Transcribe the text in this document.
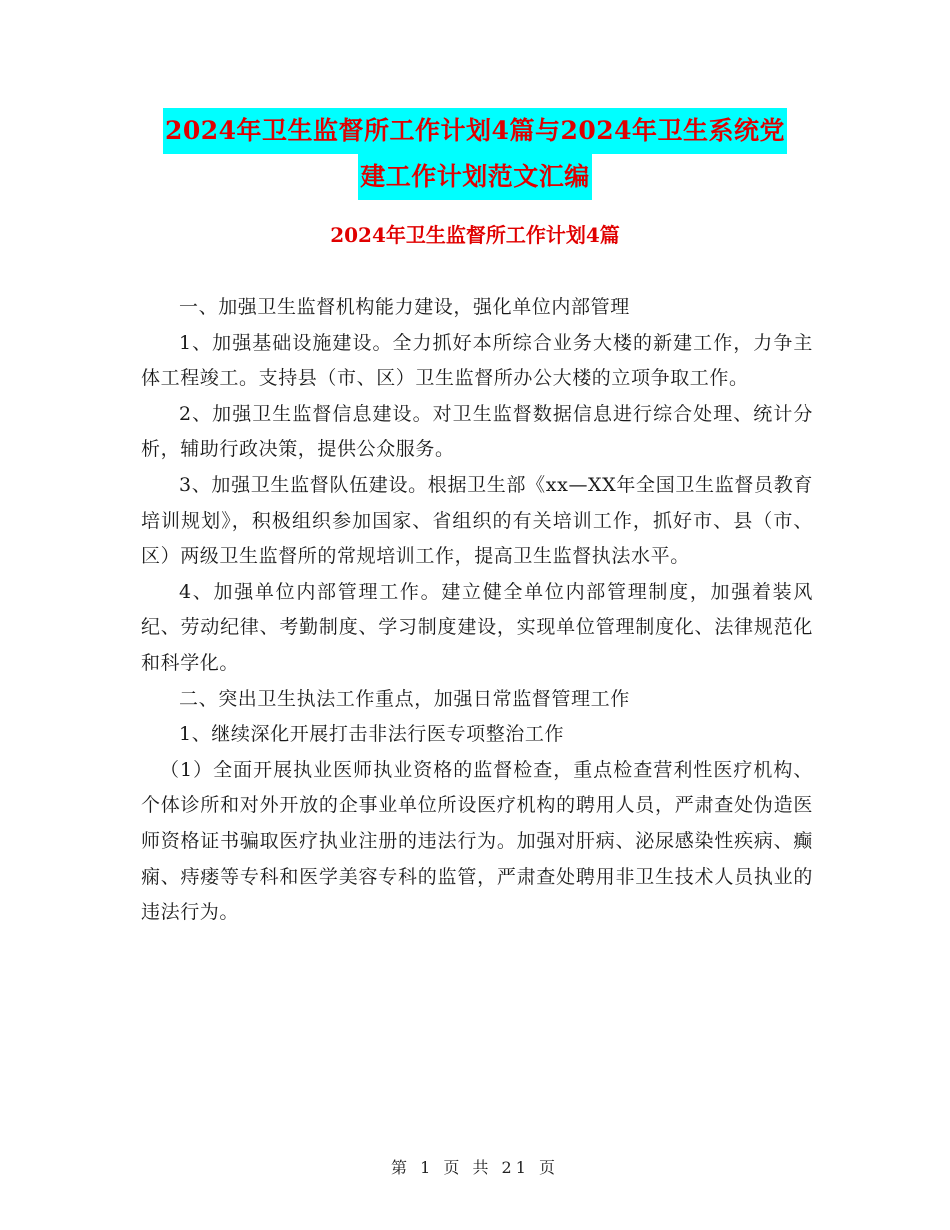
2024年卫生监督所工作计划4篇与2024年卫生系统党
建工作计划范文汇编
2024年卫生监督所工作计划4篇

一、加强卫生监督机构能力建设，强化单位内部管理

1、加强基础设施建设。全力抓好本所综合业务大楼的新建工作，力争主体工程竣工。支持县（市、区）卫生监督所办公大楼的立项争取工作。

2、加强卫生监督信息建设。对卫生监督数据信息进行综合处理、统计分析，辅助行政决策，提供公众服务。

3、加强卫生监督队伍建设。根据卫生部《xx—XX年全国卫生监督员教育培训规划》，积极组织参加国家、省组织的有关培训工作，抓好市、县（市、区）两级卫生监督所的常规培训工作，提高卫生监督执法水平。

4、加强单位内部管理工作。建立健全单位内部管理制度，加强着装风纪、劳动纪律、考勤制度、学习制度建设，实现单位管理制度化、法律规范化和科学化。

二、突出卫生执法工作重点，加强日常监督管理工作

1、继续深化开展打击非法行医专项整治工作

（1）全面开展执业医师执业资格的监督检查，重点检查营利性医疗机构、个体诊所和对外开放的企事业单位所设医疗机构的聘用人员，严肃查处伪造医师资格证书骗取医疗执业注册的违法行为。加强对肝病、泌尿感染性疾病、癫痫、痔瘘等专科和医学美容专科的监管，严肃查处聘用非卫生技术人员执业的违法行为。

第 1 页 共 21 页
